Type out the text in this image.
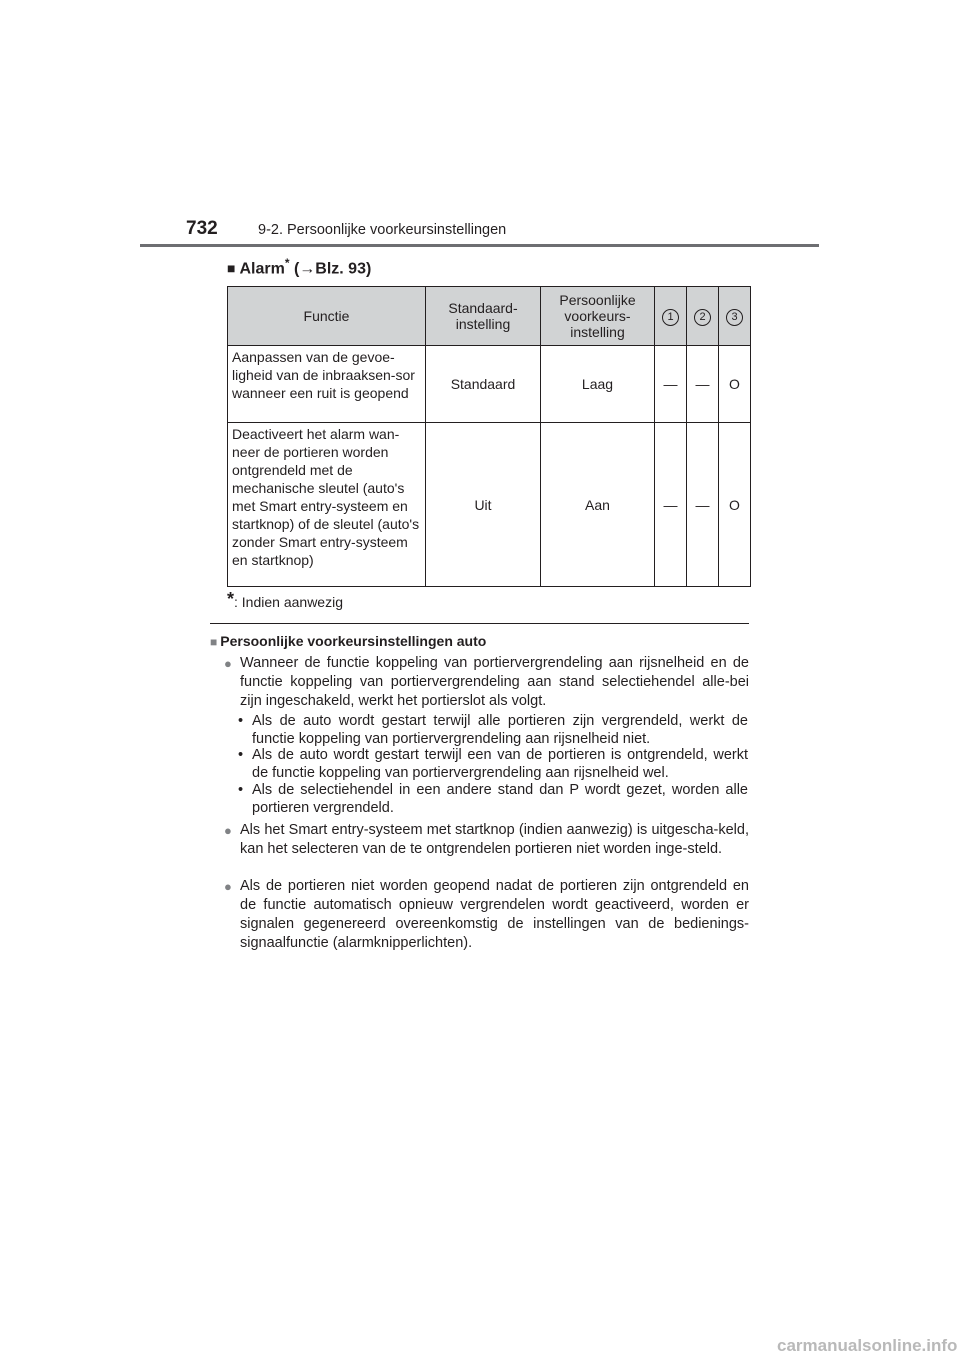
732	9-2. Persoonlijke voorkeursinstellingen
■ Alarm* (→Blz. 93)
Functie	Standaard-instelling	Persoonlijke voorkeurs-instelling	1	2	3
Aanpassen van de gevoe-ligheid van de inbraaksen-sor wanneer een ruit is geopend	Standaard	Laag	—	—	O
Deactiveert het alarm wan-neer de portieren worden ontgrendeld met de mechanische sleutel (auto's met Smart entry-systeem en startknop) of de sleutel (auto's zonder Smart entry-systeem en startknop)	Uit	Aan	—	—	O
*: Indien aanwezig
■ Persoonlijke voorkeursinstellingen auto
● Wanneer de functie koppeling van portiervergrendeling aan rijsnelheid en de functie koppeling van portiervergrendeling aan stand selectiehendel alle-bei zijn ingeschakeld, werkt het portierslot als volgt.
• Als de auto wordt gestart terwijl alle portieren zijn vergrendeld, werkt de functie koppeling van portiervergrendeling aan rijsnelheid niet.
• Als de auto wordt gestart terwijl een van de portieren is ontgrendeld, werkt de functie koppeling van portiervergrendeling aan rijsnelheid wel.
• Als de selectiehendel in een andere stand dan P wordt gezet, worden alle portieren vergrendeld.
● Als het Smart entry-systeem met startknop (indien aanwezig) is uitgescha-keld, kan het selecteren van de te ontgrendelen portieren niet worden inge-steld.
● Als de portieren niet worden geopend nadat de portieren zijn ontgrendeld en de functie automatisch opnieuw vergrendelen wordt geactiveerd, worden er signalen gegenereerd overeenkomstig de instellingen van de bedienings-signaalfunctie (alarmknipperlichten).
carmanualsonline.info
